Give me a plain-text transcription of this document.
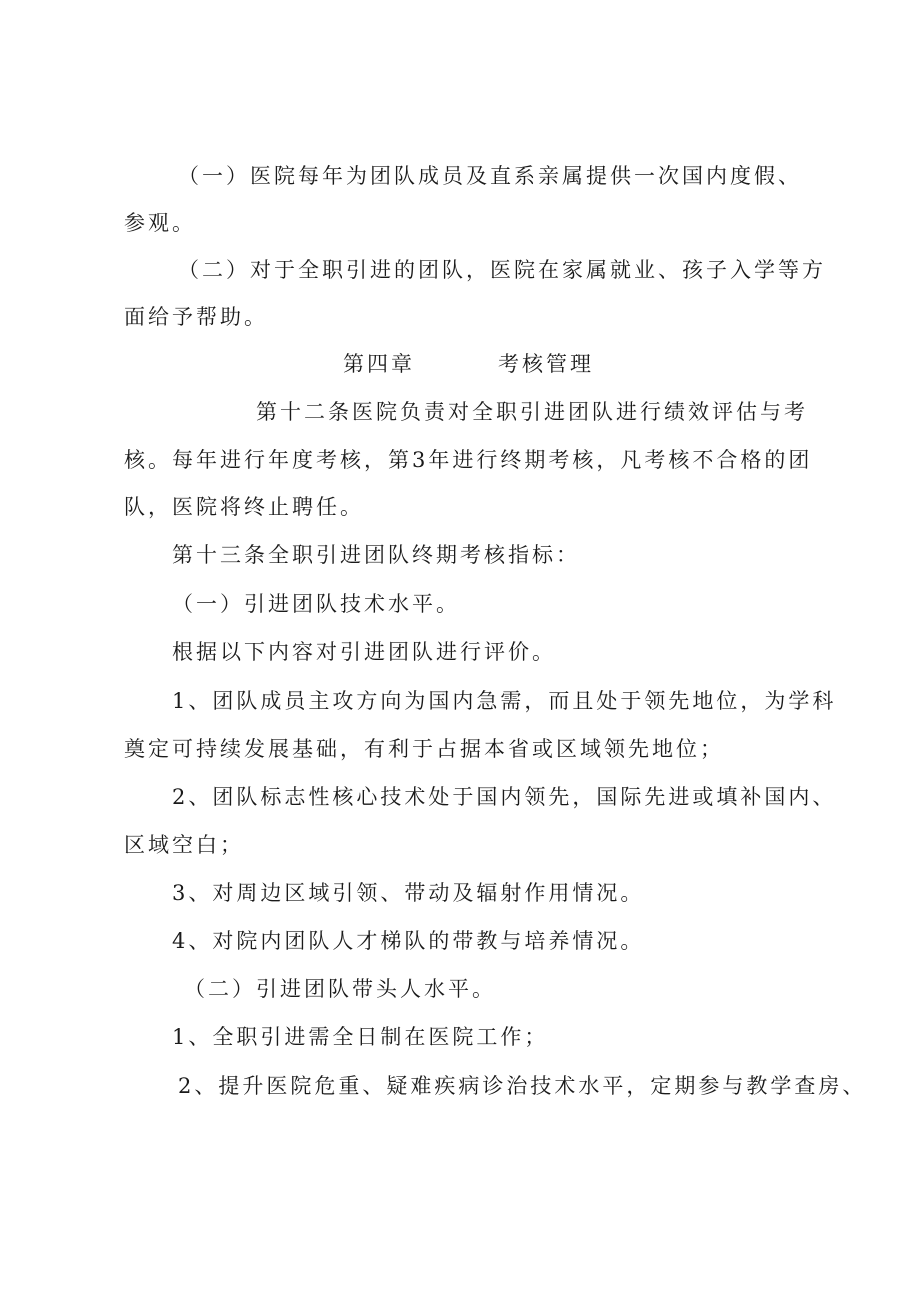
（一）医院每年为团队成员及直系亲属提供一次国内度假、
参观。
（二）对于全职引进的团队，医院在家属就业、孩子入学等方
面给予帮助。
第四章	考核管理
第十二条医院负责对全职引进团队进行绩效评估与考
核。每年进行年度考核，第3年进行终期考核，凡考核不合格的团
队，医院将终止聘任。
第十三条全职引进团队终期考核指标：
（一）引进团队技术水平。
根据以下内容对引进团队进行评价。
1、团队成员主攻方向为国内急需，而且处于领先地位，为学科
奠定可持续发展基础，有利于占据本省或区域领先地位；
2、团队标志性核心技术处于国内领先，国际先进或填补国内、
区域空白；
3、对周边区域引领、带动及辐射作用情况。
4、对院内团队人才梯队的带教与培养情况。
（二）引进团队带头人水平。
1、全职引进需全日制在医院工作；
2、提升医院危重、疑难疾病诊治技术水平，定期参与教学查房、
